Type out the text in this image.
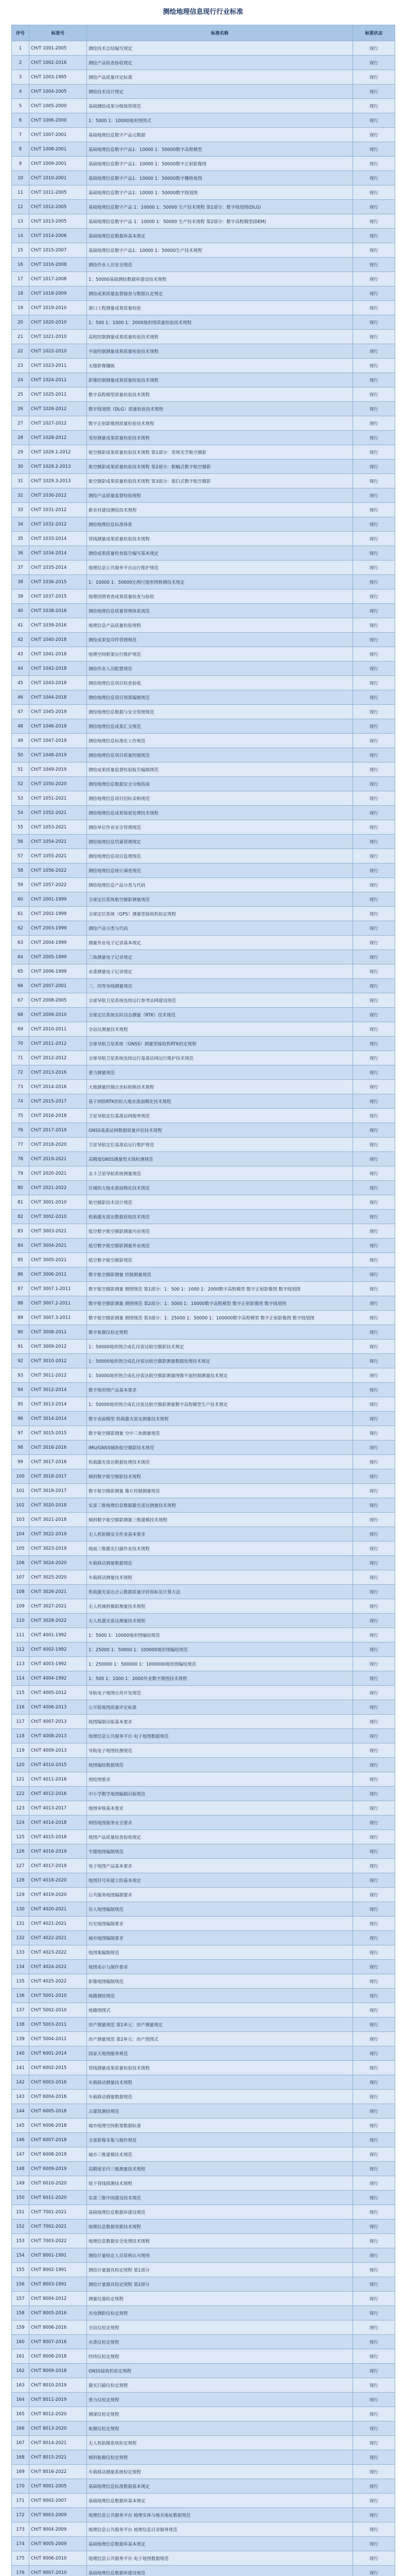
测绘地理信息现行行业标准
序号	标准号	标准名称	标准状态
1	CH/T 1001-2005	测绘技术总结编写规定	现行
2	CH/T 1002-2016	测绘产品检查验收规定	现行
3	CH/T 1003-1995	测绘产品质量评定标准	现行
4	CH/T 1004-2005	测绘技术设计规定	现行
5	CH/T 1005-2000	基础测绘成果分级保管规范	现行
6	CH/T 1006-2000	1：5000 1：10000地形图图式	现行
7	CH/T 1007-2001	基础地理信息数字产品元数据	现行
8	CH/T 1008-2001	基础地理信息数字产品1：10000 1：50000数字高程模型	现行
9	CH/T 1009-2001	基础地理信息数字产品1：10000 1：50000数字正射影像图	现行
10	CH/T 1010-2001	基础地理信息数字产品1：10000 1：50000数字栅格地图	现行
11	CH/T 1011-2005	基础地理信息数字产品1：10000 1：50000数字线划图	现行
12	CH/T 1012-2005	基础地理信息数字产品 1：10000 1：50000 生产技术规程 第1部分：数字线划图(DLG)	现行
13	CH/T 1013-2005	基础地理信息数字产品 1：10000 1：50000 生产技术规程 第2部分：数字高程模型(DEM)	现行
14	CH/T 1014-2006	基础地理信息数据库基本规定	现行
15	CH/T 1015-2007	基础地理信息数字产品1：10000 1：50000生产技术规程	现行
16	CH/T 1016-2008	测绘作业人员安全规范	现行
17	CH/T 1017-2008	1：50000基础测绘数据库建设技术规程	现行
18	CH/T 1018-2009	测绘成果质量监督抽查与数据认定规定	现行
19	CH/T 1019-2010	港口工程测量成果质量检验	现行
20	CH/T 1020-2010	1：500 1：1000 1：2000地形图质量检验技术规程	现行
21	CH/T 1021-2010	高程控制测量成果质量检验技术规程	现行
22	CH/T 1022-2010	平面控制测量成果质量检验技术规程	现行
23	CH/T 1023-2011	无缝影像镶嵌	现行
24	CH/T 1024-2011	影像控制测量成果质量检验技术规程	现行
25	CH/T 1025-2011	数字高程模型质量检验技术规程	现行
26	CH/T 1026-2012	数字线划图（DLG）质量检验技术规程	现行
27	CH/T 1027-2012	数字正射影像图质量检验技术规程	现行
28	CH/T 1028-2012	变形测量成果质量检验技术规程	现行
29	CH/T 1029.1-2012	航空摄影成果质量检验技术规程 第1部分：常规光学航空摄影	现行
30	CH/T 1029.2-2013	航空摄影成果质量检验技术规程 第2部分：框幅式数字航空摄影	现行
31	CH/T 1029.3-2013	航空摄影成果质量检验技术规程 第3部分：推扫式数字航空摄影	现行
32	CH/T 1030-2012	测绘产品质量监督检验规程	现行
33	CH/T 1031-2012	新农村建设测绘技术规程	现行
34	CH/T 1032-2012	测绘地理信息标准体系	现行
35	CH/T 1033-2014	管线测量成果质量检验技术规程	现行
36	CH/T 1034-2014	测绘成果质量检查报告编写基本规定	现行
37	CH/T 1035-2014	地理信息公共服务平台运行维护规范	现行
38	CH/T 1036-2015	1：10000 1：50000比例尺地形图修测技术规定	现行
39	CH/T 1037-2015	地理国情普查成果质量检查与验收	现行
40	CH/T 1038-2016	测绘地理信息质量管理体系规范	现行
41	CH/T 1039-2016	地理信息产品质量检验规程	现行
42	CH/T 1040-2018	测绘成果复印件管理规范	现行
43	CH/T 1041-2018	地理空间框架运行维护规范	现行
44	CH/T 1042-2018	测绘作业人员配置规范	现行
45	CH/T 1043-2018	测绘地理信息项目检查验收	现行
46	CH/T 1044-2018	测绘地理信息项目预算编制规范	现行
47	CH/T 1045-2019	测绘地理信息数据与安全管理规范	现行
48	CH/T 1046-2019	测绘地理信息成果汇交规范	现行
49	CH/T 1047-2019	测绘地理信息标准化工作规范	现行
50	CH/T 1048-2019	测绘地理信息项目质量控制规范	现行
51	CH/T 1049-2019	测绘成果质量监督检验报告编制规范	现行
52	CH/T 1050-2020	测绘地理信息数据安全分级指南	现行
53	CH/T 1051-2021	测绘地理信息项目招标采购规范	现行
54	CH/T 1052-2021	测绘地理信息成果保密处理技术规程	现行
55	CH/T 1053-2021	测绘单位作业安全管理规范	现行
56	CH/T 1054-2021	测绘地理信息档案管理规定	现行
57	CH/T 1055-2021	测绘地理信息项目监理规范	现行
58	CH/T 1056-2022	测绘地理信息统计调查规范	现行
59	CH/T 1057-2022	测绘地理信息产品分类与代码	现行
60	CH/T 2001-1999	全球定位系统航空摄影测量规范	现行
61	CH/T 2002-1999	全球定位系统（GPS）测量型接收机检定规程	现行
62	CH/T 2003-1999	测绘产品分类与代码	现行
63	CH/T 2004-1999	测量外业电子记录基本规定	现行
64	CH/T 2005-1999	三角测量电子记录规定	现行
65	CH/T 2006-1999	水准测量电子记录规定	现行
66	CH/T 2007-2001	三、四等导线测量规范	现行
67	CH/T 2008-2005	全球导航卫星系统连续运行参考站网建设规范	现行
68	CH/T 2009-2010	全球定位系统实时动态测量（RTK）技术规范	现行
69	CH/T 2010-2011	全站仪测量技术规程	现行
70	CH/T 2011-2012	全球导航卫星系统（GNSS）测量型接收机RTK检定规程	现行
71	CH/T 2012-2012	全球导航卫星系统连续运行基准站网运行维护技术规范	现行
72	CH/T 2013-2016	重力测量规范	现行
73	CH/T 2014-2016	大地测量控制点坐标转换技术规程	现行
74	CH/T 2015-2017	基于网络RTK的似大地水准面精化技术规程	现行
75	CH/T 2016-2018	卫星导航定位基准站网服务规范	现行
76	CH/T 2017-2019	GNSS基准站网数据质量评估技术规程	现行
77	CH/T 2018-2020	卫星导航定位基准站运行维护规范	现行
78	CH/T 2019-2021	高精度GNSS测量型天线检测规范	现行
79	CH/T 2020-2021	北斗卫星导航系统测量规范	现行
80	CH/T 2021-2022	区域似大地水准面精化技术规范	现行
81	CH/T 3001-2010	航空摄影技术设计规范	现行
82	CH/T 3002-2010	机载激光雷达数据获取技术规范	现行
83	CH/T 3003-2021	低空数字航空摄影测量内业规范	现行
84	CH/T 3004-2021	低空数字航空摄影测量外业规范	现行
85	CH/T 3005-2021	低空数字航空摄影规范	现行
86	CH/T 3006-2011	数字航空摄影测量 控制测量规范	现行
87	CH/T 3007.1-2011	数字航空摄影测量 测图规范 第1部分：1：500 1：1000 1：2000数字高程模型 数字正射影像图 数字线划图	现行
88	CH/T 3007.2-2011	数字航空摄影测量 测图规范 第2部分：1：5000 1：10000数字高程模型 数字正射影像图 数字线划图	现行
89	CH/T 3007.3-2011	数字航空摄影测量 测图规范 第3部分：1：25000 1：50000 1：100000数字高程模型 数字正射影像图 数字线划图	现行
90	CH/T 3008-2011	数字航摄仪检定规程	现行
91	CH/T 3009-2012	1：50000地形图合成孔径雷达航空摄影技术规定	现行
92	CH/T 3010-2012	1：50000地形图合成孔径雷达航空摄影测量数据处理技术规定	现行
93	CH/T 3011-2012	1：50000地形图合成孔径雷达航空摄影测量图像平面控制测量技术规定	现行
94	CH/T 3012-2014	数字地形图产品基本要求	现行
95	CH/T 3013-2014	1：50000地形图合成孔径雷达航空摄影测量数字高程模型生产技术规定	现行
96	CH/T 3014-2014	数字表面模型 机载激光雷达测量技术规程	现行
97	CH/T 3015-2015	数字航空摄影测量 空中三角测量规范	现行
98	CH/T 3016-2016	IMU/GNSS辅助航空摄影技术规范	现行
99	CH/T 3017-2016	机载激光雷达数据处理技术规范	现行
100	CH/T 3018-2017	倾斜数字航空摄影技术规程	现行
101	CH/T 3019-2017	数字航空摄影测量 像片控制测量规范	现行
102	CH/T 3020-2018	实景三维地理信息数据激光雷达测量技术规程	现行
103	CH/T 3021-2018	倾斜数字航空摄影测量三维建模技术规程	现行
104	CH/T 3022-2019	无人机航摄安全作业基本要求	现行
105	CH/T 3023-2019	地面三维激光扫描作业技术规程	现行
106	CH/T 3024-2020	车载移动测量数据规范	现行
107	CH/T 3025-2020	车载移动测量技术规程	现行
108	CH/T 3026-2021	机载激光雷达点云数据质量评价指标及计算方法	现行
109	CH/T 3027-2021	无人机倾斜摄影测量技术规程	现行
110	CH/T 3028-2022	无人机激光雷达测量技术规程	现行
111	CH/T 4001-1992	1：5000 1：10000地形图编绘规范	现行
112	CH/T 4002-1992	1：25000 1：50000 1：100000地形图编绘规范	现行
113	CH/T 4003-1992	1：250000 1：500000 1：1000000地形图编绘规范	现行
114	CH/T 4004-1992	1：500 1：1000 1：2000外业数字测图技术规程	现行
115	CH/T 4005-2012	导航电子地图应用开发规范	现行
116	CH/T 4006-2013	公开版地图质量评定标准	现行
117	CH/T 4007-2013	地图编制出版基本要求	现行
118	CH/T 4008-2013	地理信息公共服务平台 电子地图数据规范	现行
119	CH/T 4009-2013	导航电子地图检测规范	现行
120	CH/T 4010-2015	地图编绘数据规范	现行
121	CH/T 4011-2016	刻绘图要求	现行
122	CH/T 4012-2016	中小学教学地图编制出版规范	现行
123	CH/T 4013-2017	地图审核基本要求	现行
124	CH/T 4014-2018	网络地图服务安全要求	现行
125	CH/T 4015-2018	地图产品质量检查验收规定	现行
126	CH/T 4016-2019	专题地图编制规范	现行
127	CH/T 4017-2019	电子地图产品基本要求	现行
128	CH/T 4018-2020	地图符号库建立的基本规定	现行
129	CH/T 4019-2020	公共服务地图编制要求	现行
130	CH/T 4020-2021	盲人地图编制规范	现行
131	CH/T 4021-2021	历史地图编制要求	现行
132	CH/T 4022-2021	城市地图编制要求	现行
133	CH/T 4023-2022	地图集编制规范	现行
134	CH/T 4024-2022	地图表示与制作要求	现行
135	CH/T 4025-2022	影像地图编制规范	现行
136	CH/T 5001-2010	地籍测绘规范	现行
137	CH/T 5002-2010	地籍图图式	现行
138	CH/T 5003-2011	房产测量规范 第1单元：房产测量规定	现行
139	CH/T 5004-2011	房产测量规范 第2单元：房产图图式	现行
140	CH/T 6001-2014	国家天地图服务规范	现行
141	CH/T 6002-2015	管线测量成果质量检验技术规程	现行
142	CH/T 6003-2016	车载移动测量技术规程	现行
143	CH/T 6004-2016	车载移动测量数据规范	现行
144	CH/T 6005-2018	古建筑测绘规范	现行
145	CH/T 6006-2018	城市地理空间框架数据标准	现行
146	CH/T 6007-2018	全景影像采集与制作规范	现行
147	CH/T 6008-2019	城市三维建模技术规范	现行
148	CH/T 6009-2019	高精度室内三维测量技术规程	现行
149	CH/T 6010-2020	地下管线探测技术规程	现行
150	CH/T 6011-2020	实景三维中国建设技术规范	现行
151	CH/T 7001-2021	基础地理信息数据库建设规范	现行
152	CH/T 7002-2021	地理信息数据更新技术规程	现行
153	CH/T 7003-2022	地理信息数据安全处理技术规程	现行
154	CH/T 8001-1991	测绘计量检定人员资格认可规则	现行
155	CH/T 8002-1991	测绘计量器具检定规程 第1部分	现行
156	CH/T 8003-1991	测绘计量器具检定规程 第2部分	现行
157	CH/T 8004-2012	测量仪器检定规程	现行
158	CH/T 8005-2016	光电测距仪检定规程	现行
159	CH/T 8006-2016	全站仪检定规程	现行
160	CH/T 8007-2016	水准仪检定规程	现行
161	CH/T 8008-2018	经纬仪检定规程	现行
162	CH/T 8009-2018	GNSS接收机检定规程	现行
163	CH/T 8010-2019	激光扫描仪检定规程	现行
164	CH/T 8011-2019	重力仪检定规程	现行
165	CH/T 8012-2020	测深仪检定规程	现行
166	CH/T 8013-2020	航摄仪检定规程	现行
167	CH/T 8014-2021	无人机航摄系统检定规程	现行
168	CH/T 8015-2021	倾斜航摄仪检定规程	现行
169	CH/T 8016-2022	车载移动测量系统检定规程	现行
170	CH/T 9001-2005	基础地理信息标准数据基本规定	现行
171	CH/T 9002-2007	基础地理信息数据库基本规定	现行
172	CH/T 9003-2009	地理信息公共服务平台 地理实体与地名地址数据规范	现行
173	CH/T 9004-2009	地理信息公共服务平台 地理信息目录服务规范	现行
174	CH/T 9005-2009	基础地理信息数据库基本规定	现行
175	CH/T 9006-2010	地理信息公共服务平台 电子地图数据规范	现行
176	CH/T 9007-2010	基础地理信息数据库建设规范	现行
